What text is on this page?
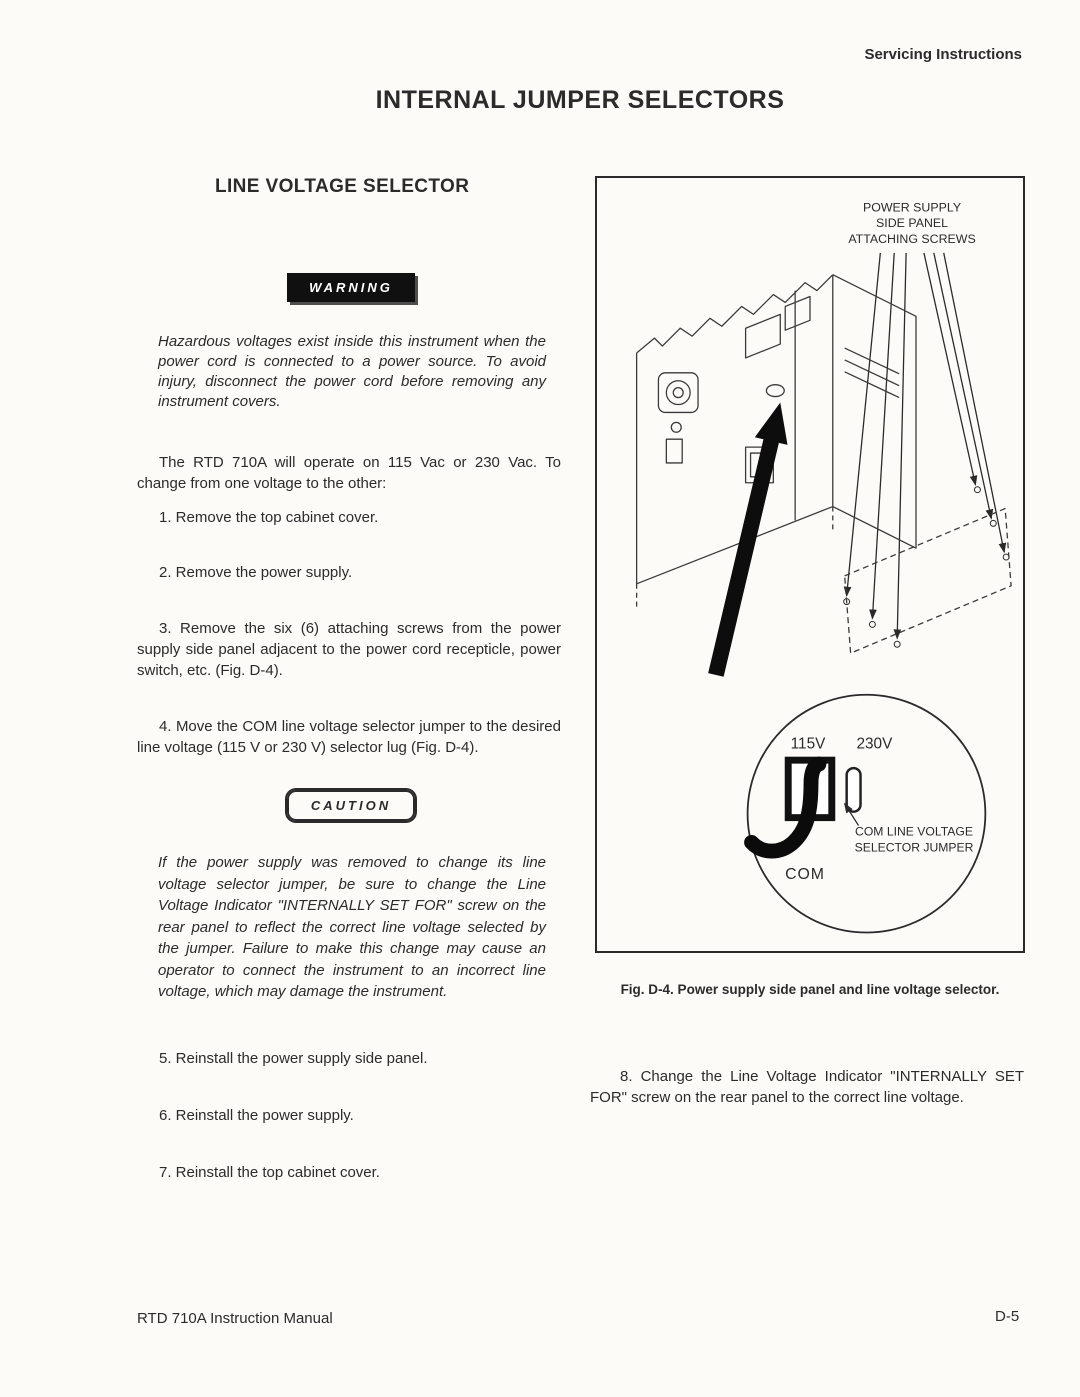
Servicing Instructions
INTERNAL JUMPER SELECTORS
LINE VOLTAGE SELECTOR
WARNING

Hazardous voltages exist inside this instrument when the power cord is connected to a power source. To avoid injury, disconnect the power cord before removing any instrument covers.

The RTD 710A will operate on 115 Vac or 230 Vac. To change from one voltage to the other:

1. Remove the top cabinet cover.

2. Remove the power supply.

3. Remove the six (6) attaching screws from the power supply side panel adjacent to the power cord recepticle, power switch, etc. (Fig. D-4).

4. Move the COM line voltage selector jumper to the desired line voltage (115 V or 230 V) selector lug (Fig. D-4).

CAUTION

If the power supply was removed to change its line voltage selector jumper, be sure to change the Line Voltage Indicator "INTERNALLY SET FOR" screw on the rear panel to reflect the correct line voltage selected by the jumper. Failure to make this change may cause an operator to connect the instrument to an incorrect line voltage, which may damage the instrument.

5. Reinstall the power supply side panel.

6. Reinstall the power supply.

7. Reinstall the top cabinet cover.

POWER SUPPLY
SIDE PANEL
ATTACHING SCREWS
115V 230V
COM LINE VOLTAGE
SELECTOR JUMPER
COM

Fig. D-4. Power supply side panel and line voltage selector.

8. Change the Line Voltage Indicator "INTERNALLY SET FOR" screw on the rear panel to the correct line voltage.

RTD 710A Instruction Manual	D-5
